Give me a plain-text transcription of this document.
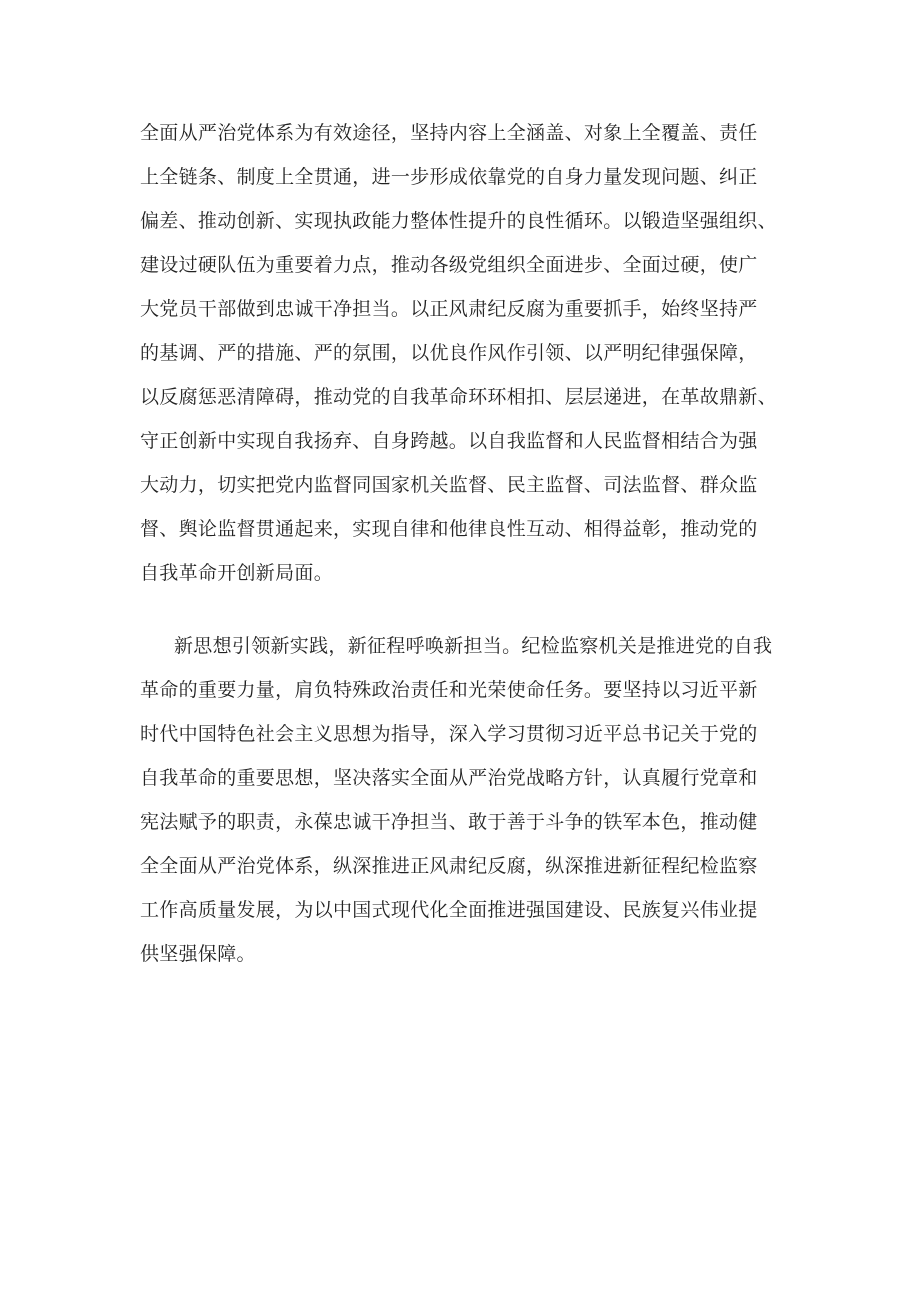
全面从严治党体系为有效途径，坚持内容上全涵盖、对象上全覆盖、责任
上全链条、制度上全贯通，进一步形成依靠党的自身力量发现问题、纠正
偏差、推动创新、实现执政能力整体性提升的良性循环。以锻造坚强组织、
建设过硬队伍为重要着力点，推动各级党组织全面进步、全面过硬，使广
大党员干部做到忠诚干净担当。以正风肃纪反腐为重要抓手，始终坚持严
的基调、严的措施、严的氛围，以优良作风作引领、以严明纪律强保障，
以反腐惩恶清障碍，推动党的自我革命环环相扣、层层递进，在革故鼎新、
守正创新中实现自我扬弃、自身跨越。以自我监督和人民监督相结合为强
大动力，切实把党内监督同国家机关监督、民主监督、司法监督、群众监
督、舆论监督贯通起来，实现自律和他律良性互动、相得益彰，推动党的
自我革命开创新局面。
新思想引领新实践，新征程呼唤新担当。纪检监察机关是推进党的自我
革命的重要力量，肩负特殊政治责任和光荣使命任务。要坚持以习近平新
时代中国特色社会主义思想为指导，深入学习贯彻习近平总书记关于党的
自我革命的重要思想，坚决落实全面从严治党战略方针，认真履行党章和
宪法赋予的职责，永葆忠诚干净担当、敢于善于斗争的铁军本色，推动健
全全面从严治党体系，纵深推进正风肃纪反腐，纵深推进新征程纪检监察
工作高质量发展，为以中国式现代化全面推进强国建设、民族复兴伟业提
供坚强保障。
